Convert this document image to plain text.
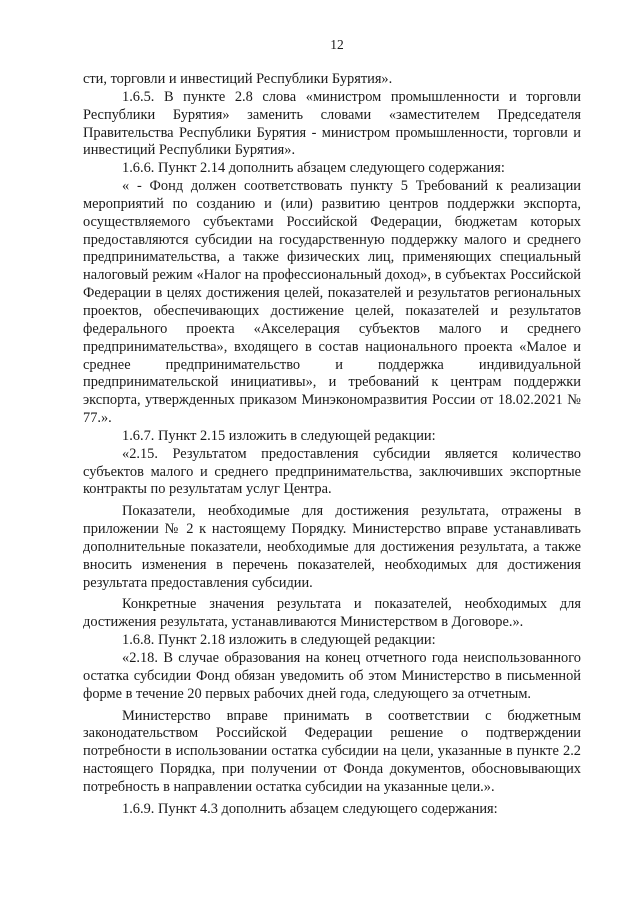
12

сти, торговли и инвестиций Республики Бурятия».

1.6.5. В пункте 2.8 слова «министром промышленности и торговли Республики Бурятия» заменить словами «заместителем Председателя Правительства Республики Бурятия - министром промышленности, торговли и инвестиций Республики Бурятия».

1.6.6. Пункт 2.14 дополнить абзацем следующего содержания:

« - Фонд должен соответствовать пункту 5 Требований к реализации мероприятий по созданию и (или) развитию центров поддержки экспорта, осуществляемого субъектами Российской Федерации, бюджетам которых предоставляются субсидии на государственную поддержку малого и среднего предпринимательства, а также физических лиц, применяющих специальный налоговый режим «Налог на профессиональный доход», в субъектах Российской Федерации в целях достижения целей, показателей и результатов региональных проектов, обеспечивающих достижение целей, показателей и результатов федерального проекта «Акселерация субъектов малого и среднего предпринимательства», входящего в состав национального проекта «Малое и среднее предпринимательство и поддержка индивидуальной предпринимательской инициативы», и требований к центрам поддержки экспорта, утвержденных приказом Минэкономразвития России от 18.02.2021 № 77.».

1.6.7. Пункт 2.15 изложить в следующей редакции:

«2.15. Результатом предоставления субсидии является количество субъектов малого и среднего предпринимательства, заключивших экспортные контракты по результатам услуг Центра.

Показатели, необходимые для достижения результата, отражены в приложении № 2 к настоящему Порядку. Министерство вправе устанавливать дополнительные показатели, необходимые для достижения результата, а также вносить изменения в перечень показателей, необходимых для достижения результата предоставления субсидии.

Конкретные значения результата и показателей, необходимых для достижения результата, устанавливаются Министерством в Договоре.».

1.6.8. Пункт 2.18 изложить в следующей редакции:

«2.18. В случае образования на конец отчетного года неиспользованного остатка субсидии Фонд обязан уведомить об этом Министерство в письменной форме в течение 20 первых рабочих дней года, следующего за отчетным.

Министерство вправе принимать в соответствии с бюджетным законодательством Российской Федерации решение о подтверждении потребности в использовании остатка субсидии на цели, указанные в пункте 2.2 настоящего Порядка, при получении от Фонда документов, обосновывающих потребность в направлении остатка субсидии на указанные цели.».

1.6.9. Пункт 4.3 дополнить абзацем следующего содержания:
